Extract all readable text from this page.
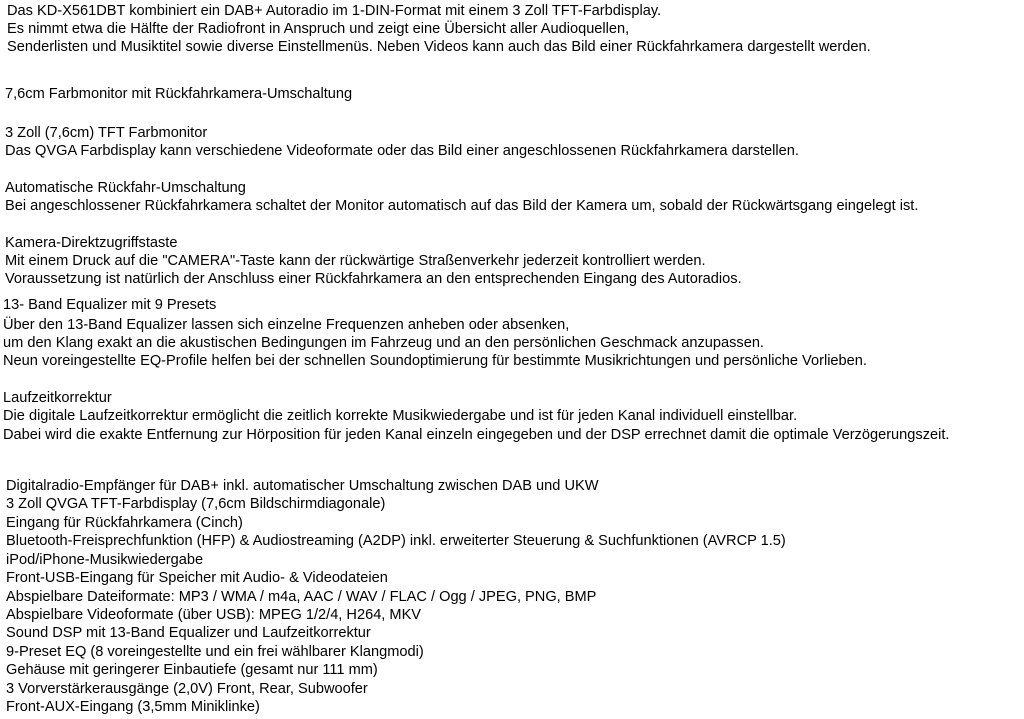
Das KD-X561DBT kombiniert ein DAB+ Autoradio im 1-DIN-Format mit einem 3 Zoll TFT-Farbdisplay.
Es nimmt etwa die Hälfte der Radiofront in Anspruch und zeigt eine Übersicht aller Audioquellen,
Senderlisten und Musiktitel sowie diverse Einstellmenüs. Neben Videos kann auch das Bild einer Rückfahrkamera dargestellt werden.
7,6cm Farbmonitor mit Rückfahrkamera-Umschaltung
3 Zoll (7,6cm) TFT Farbmonitor
Das QVGA Farbdisplay kann verschiedene Videoformate oder das Bild einer angeschlossenen Rückfahrkamera darstellen.
Automatische Rückfahr-Umschaltung
Bei angeschlossener Rückfahrkamera schaltet der Monitor automatisch auf das Bild der Kamera um, sobald der Rückwärtsgang eingelegt ist.
Kamera-Direktzugriffstaste
Mit einem Druck auf die "CAMERA"-Taste kann der rückwärtige Straßenverkehr jederzeit kontrolliert werden.
Voraussetzung ist natürlich der Anschluss einer Rückfahrkamera an den entsprechenden Eingang des Autoradios.
13- Band Equalizer mit 9 Presets
Über den 13-Band Equalizer lassen sich einzelne Frequenzen anheben oder absenken,
um den Klang exakt an die akustischen Bedingungen im Fahrzeug und an den persönlichen Geschmack anzupassen.
Neun voreingestellte EQ-Profile helfen bei der schnellen Soundoptimierung für bestimmte Musikrichtungen und persönliche Vorlieben.
Laufzeitkorrektur
Die digitale Laufzeitkorrektur ermöglicht die zeitlich korrekte Musikwiedergabe und ist für jeden Kanal individuell einstellbar.
Dabei wird die exakte Entfernung zur Hörposition für jeden Kanal einzeln eingegeben und der DSP errechnet damit die optimale Verzögerungszeit.
Digitalradio-Empfänger für DAB+ inkl. automatischer Umschaltung zwischen DAB und UKW
3 Zoll QVGA TFT-Farbdisplay (7,6cm Bildschirmdiagonale)
Eingang für Rückfahrkamera (Cinch)
Bluetooth-Freisprechfunktion (HFP) & Audiostreaming (A2DP) inkl. erweiterter Steuerung & Suchfunktionen (AVRCP 1.5)
iPod/iPhone-Musikwiedergabe
Front-USB-Eingang für Speicher mit Audio- & Videodateien
Abspielbare Dateiformate: MP3 / WMA / m4a, AAC / WAV / FLAC / Ogg / JPEG, PNG, BMP
Abspielbare Videoformate (über USB): MPEG 1/2/4, H264, MKV
Sound DSP mit 13-Band Equalizer und Laufzeitkorrektur
9-Preset EQ (8 voreingestellte und ein frei wählbarer Klangmodi)
Gehäuse mit geringerer Einbautiefe (gesamt nur 111 mm)
3 Vorverstärkerausgänge (2,0V) Front, Rear, Subwoofer
Front-AUX-Eingang (3,5mm Miniklinke)
